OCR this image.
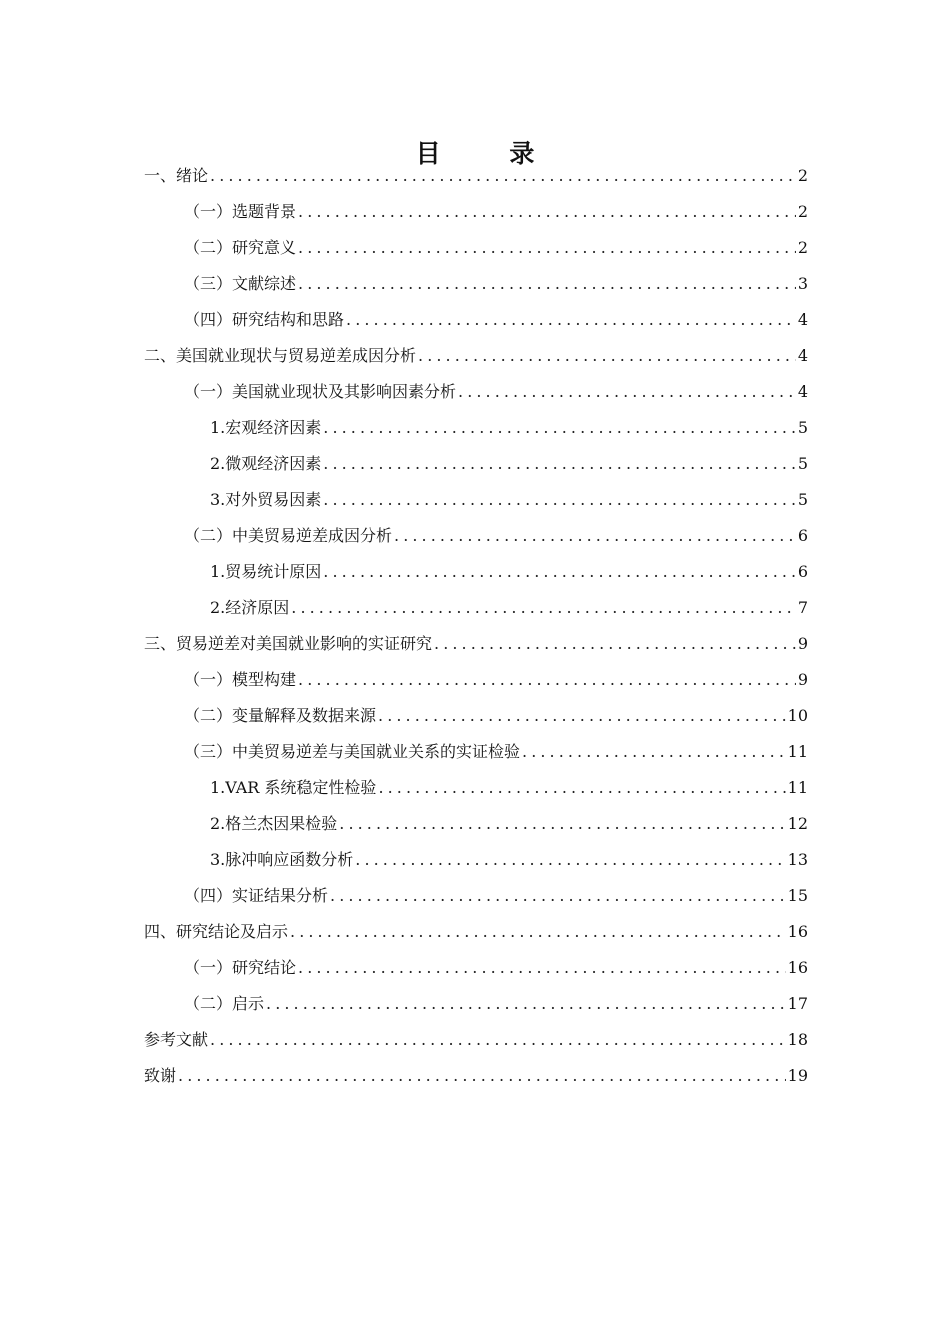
目 录
一、绪论 . . .	2
（一）选题背景 . . .	2
（二）研究意义 . . .	2
（三）文献综述 . . .	3
（四）研究结构和思路 . . .	4
二、美国就业现状与贸易逆差成因分析 . . .	4
（一）美国就业现状及其影响因素分析 . . .	4
1.宏观经济因素 . . .	5
2.微观经济因素 . . .	5
3.对外贸易因素 . . .	5
（二）中美贸易逆差成因分析 . . .	6
1.贸易统计原因 . . .	6
2.经济原因 . . .	7
三、贸易逆差对美国就业影响的实证研究 . . .	9
（一）模型构建 . . .	9
（二）变量解释及数据来源 . . .	10
（三）中美贸易逆差与美国就业关系的实证检验 . . .	11
1.VAR 系统稳定性检验 . . .	11
2.格兰杰因果检验 . . .	12
3.脉冲响应函数分析 . . .	13
（四）实证结果分析 . . .	15
四、研究结论及启示 . . .	16
（一）研究结论 . . .	16
（二）启示 . . .	17
参考文献 . . .	18
致谢 . . .	19
